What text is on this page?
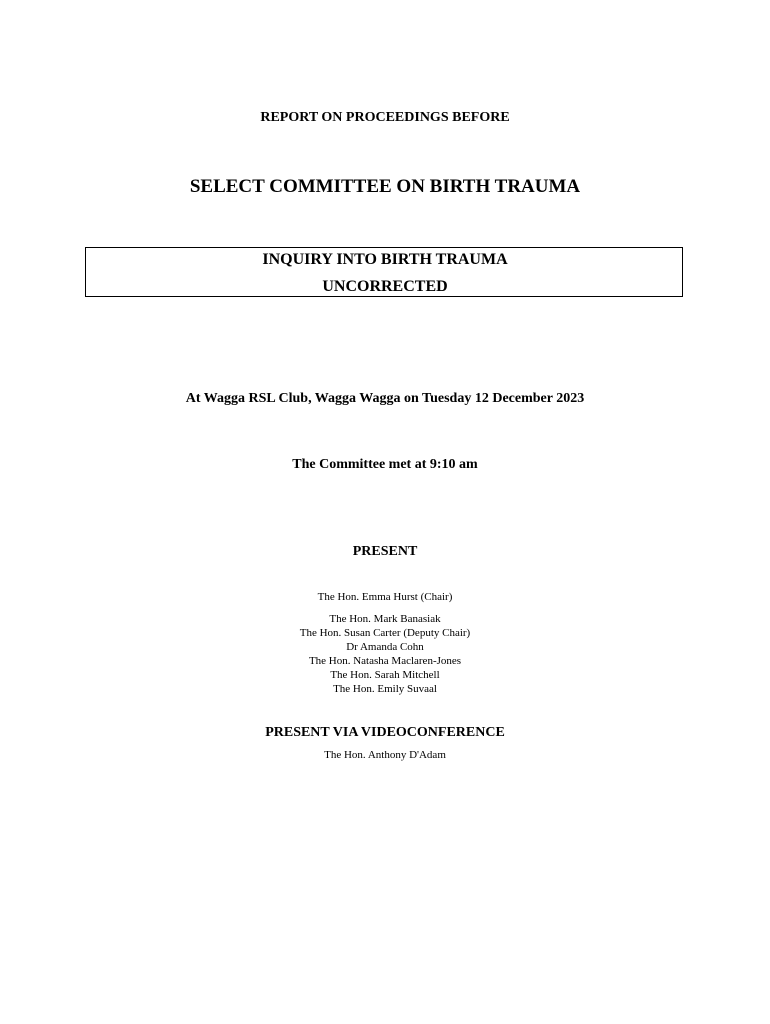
REPORT ON PROCEEDINGS BEFORE
SELECT COMMITTEE ON BIRTH TRAUMA
INQUIRY INTO BIRTH TRAUMA
UNCORRECTED
At Wagga RSL Club, Wagga Wagga on Tuesday 12 December 2023
The Committee met at 9:10 am
PRESENT
The Hon. Emma Hurst (Chair)
The Hon. Mark Banasiak
The Hon. Susan Carter (Deputy Chair)
Dr Amanda Cohn
The Hon. Natasha Maclaren-Jones
The Hon. Sarah Mitchell
The Hon. Emily Suvaal
PRESENT VIA VIDEOCONFERENCE
The Hon. Anthony D'Adam
